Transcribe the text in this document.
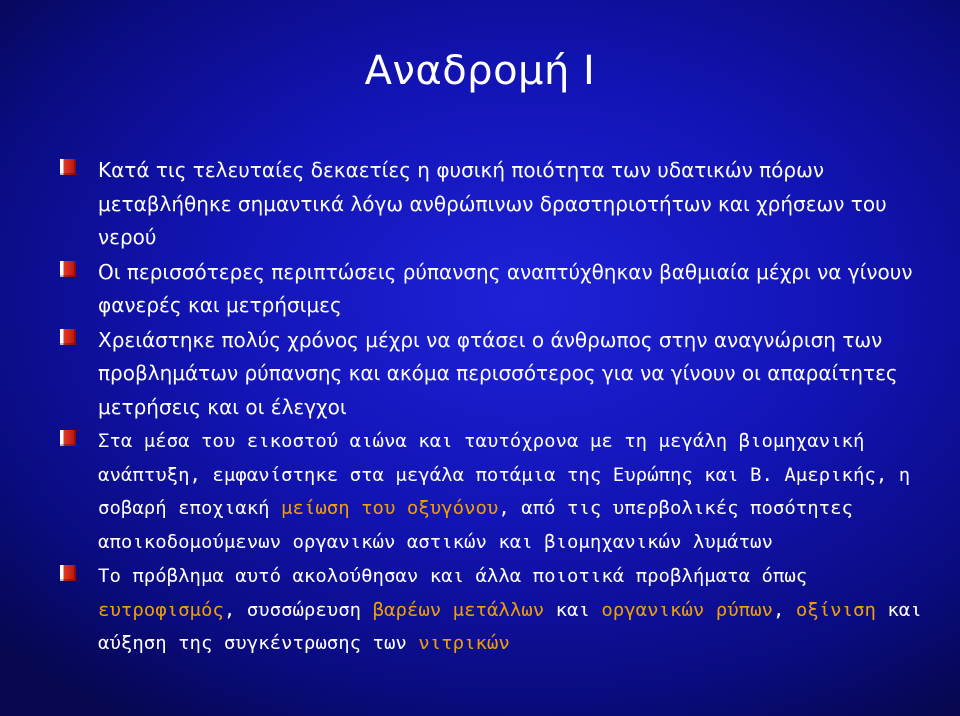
Αναδρομή Ι
Κατά τις τελευταίες δεκαετίες η φυσική ποιότητα των υδατικών πόρων μεταβλήθηκε σημαντικά λόγω ανθρώπινων δραστηριοτήτων και χρήσεων του νερού
Οι περισσότερες περιπτώσεις ρύπανσης αναπτύχθηκαν βαθμιαία μέχρι να γίνουν φανερές και μετρήσιμες
Χρειάστηκε πολύς χρόνος μέχρι να φτάσει ο άνθρωπος στην αναγνώριση των προβλημάτων ρύπανσης και ακόμα περισσότερος για να γίνουν οι απαραίτητες μετρήσεις και οι έλεγχοι
Στα μέσα του εικοστού αιώνα και ταυτόχρονα με τη μεγάλη βιομηχανική ανάπτυξη, εμφανίστηκε στα μεγάλα ποτάμια της Ευρώπης και Β. Αμερικής, η σοβαρή εποχιακή μείωση του οξυγόνου, από τις υπερβολικές ποσότητες αποικοδομούμενων οργανικών αστικών και βιομηχανικών λυμάτων
Το πρόβλημα αυτό ακολούθησαν και άλλα ποιοτικά προβλήματα όπως ευτροφισμός, συσσώρευση βαρέων μετάλλων και οργανικών ρύπων, οξίνιση και αύξηση της συγκέντρωσης των νιτρικών
